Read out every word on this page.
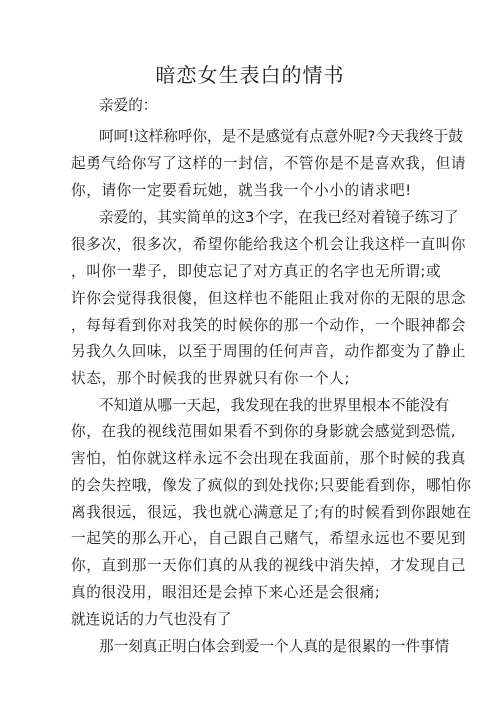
暗恋女生表白的情书

亲爱的：

呵呵!这样称呼你，是不是感觉有点意外呢?今天我终于鼓

起勇气给你写了这样的一封信，不管你是不是喜欢我，但请

你，请你一定要看玩她，就当我一个小小的请求吧!

亲爱的，其实简单的这3个字，在我已经对着镜子练习了

很多次，很多次，希望你能给我这个机会让我这样一直叫你

，叫你一辈子，即使忘记了对方真正的名字也无所谓;或

许你会觉得我很傻，但这样也不能阻止我对你的无限的思念

，每每看到你对我笑的时候你的那一个动作，一个眼神都会

另我久久回味，以至于周围的任何声音，动作都变为了静止

状态，那个时候我的世界就只有你一个人;

不知道从哪一天起，我发现在我的世界里根本不能没有

你，在我的视线范围如果看不到你的身影就会感觉到恐慌,

害怕，怕你就这样永远不会出现在我面前，那个时候的我真

的会失控哦，像发了疯似的到处找你;只要能看到你，哪怕你

离我很远，很远，我也就心满意足了;有的时候看到你跟她在

一起笑的那么开心，自己跟自己赌气，希望永远也不要见到

你，直到那一天你们真的从我的视线中消失掉，才发现自己

真的很没用，眼泪还是会掉下来心还是会很痛;

就连说话的力气也没有了

那一刻真正明白体会到爱一个人真的是很累的一件事情
